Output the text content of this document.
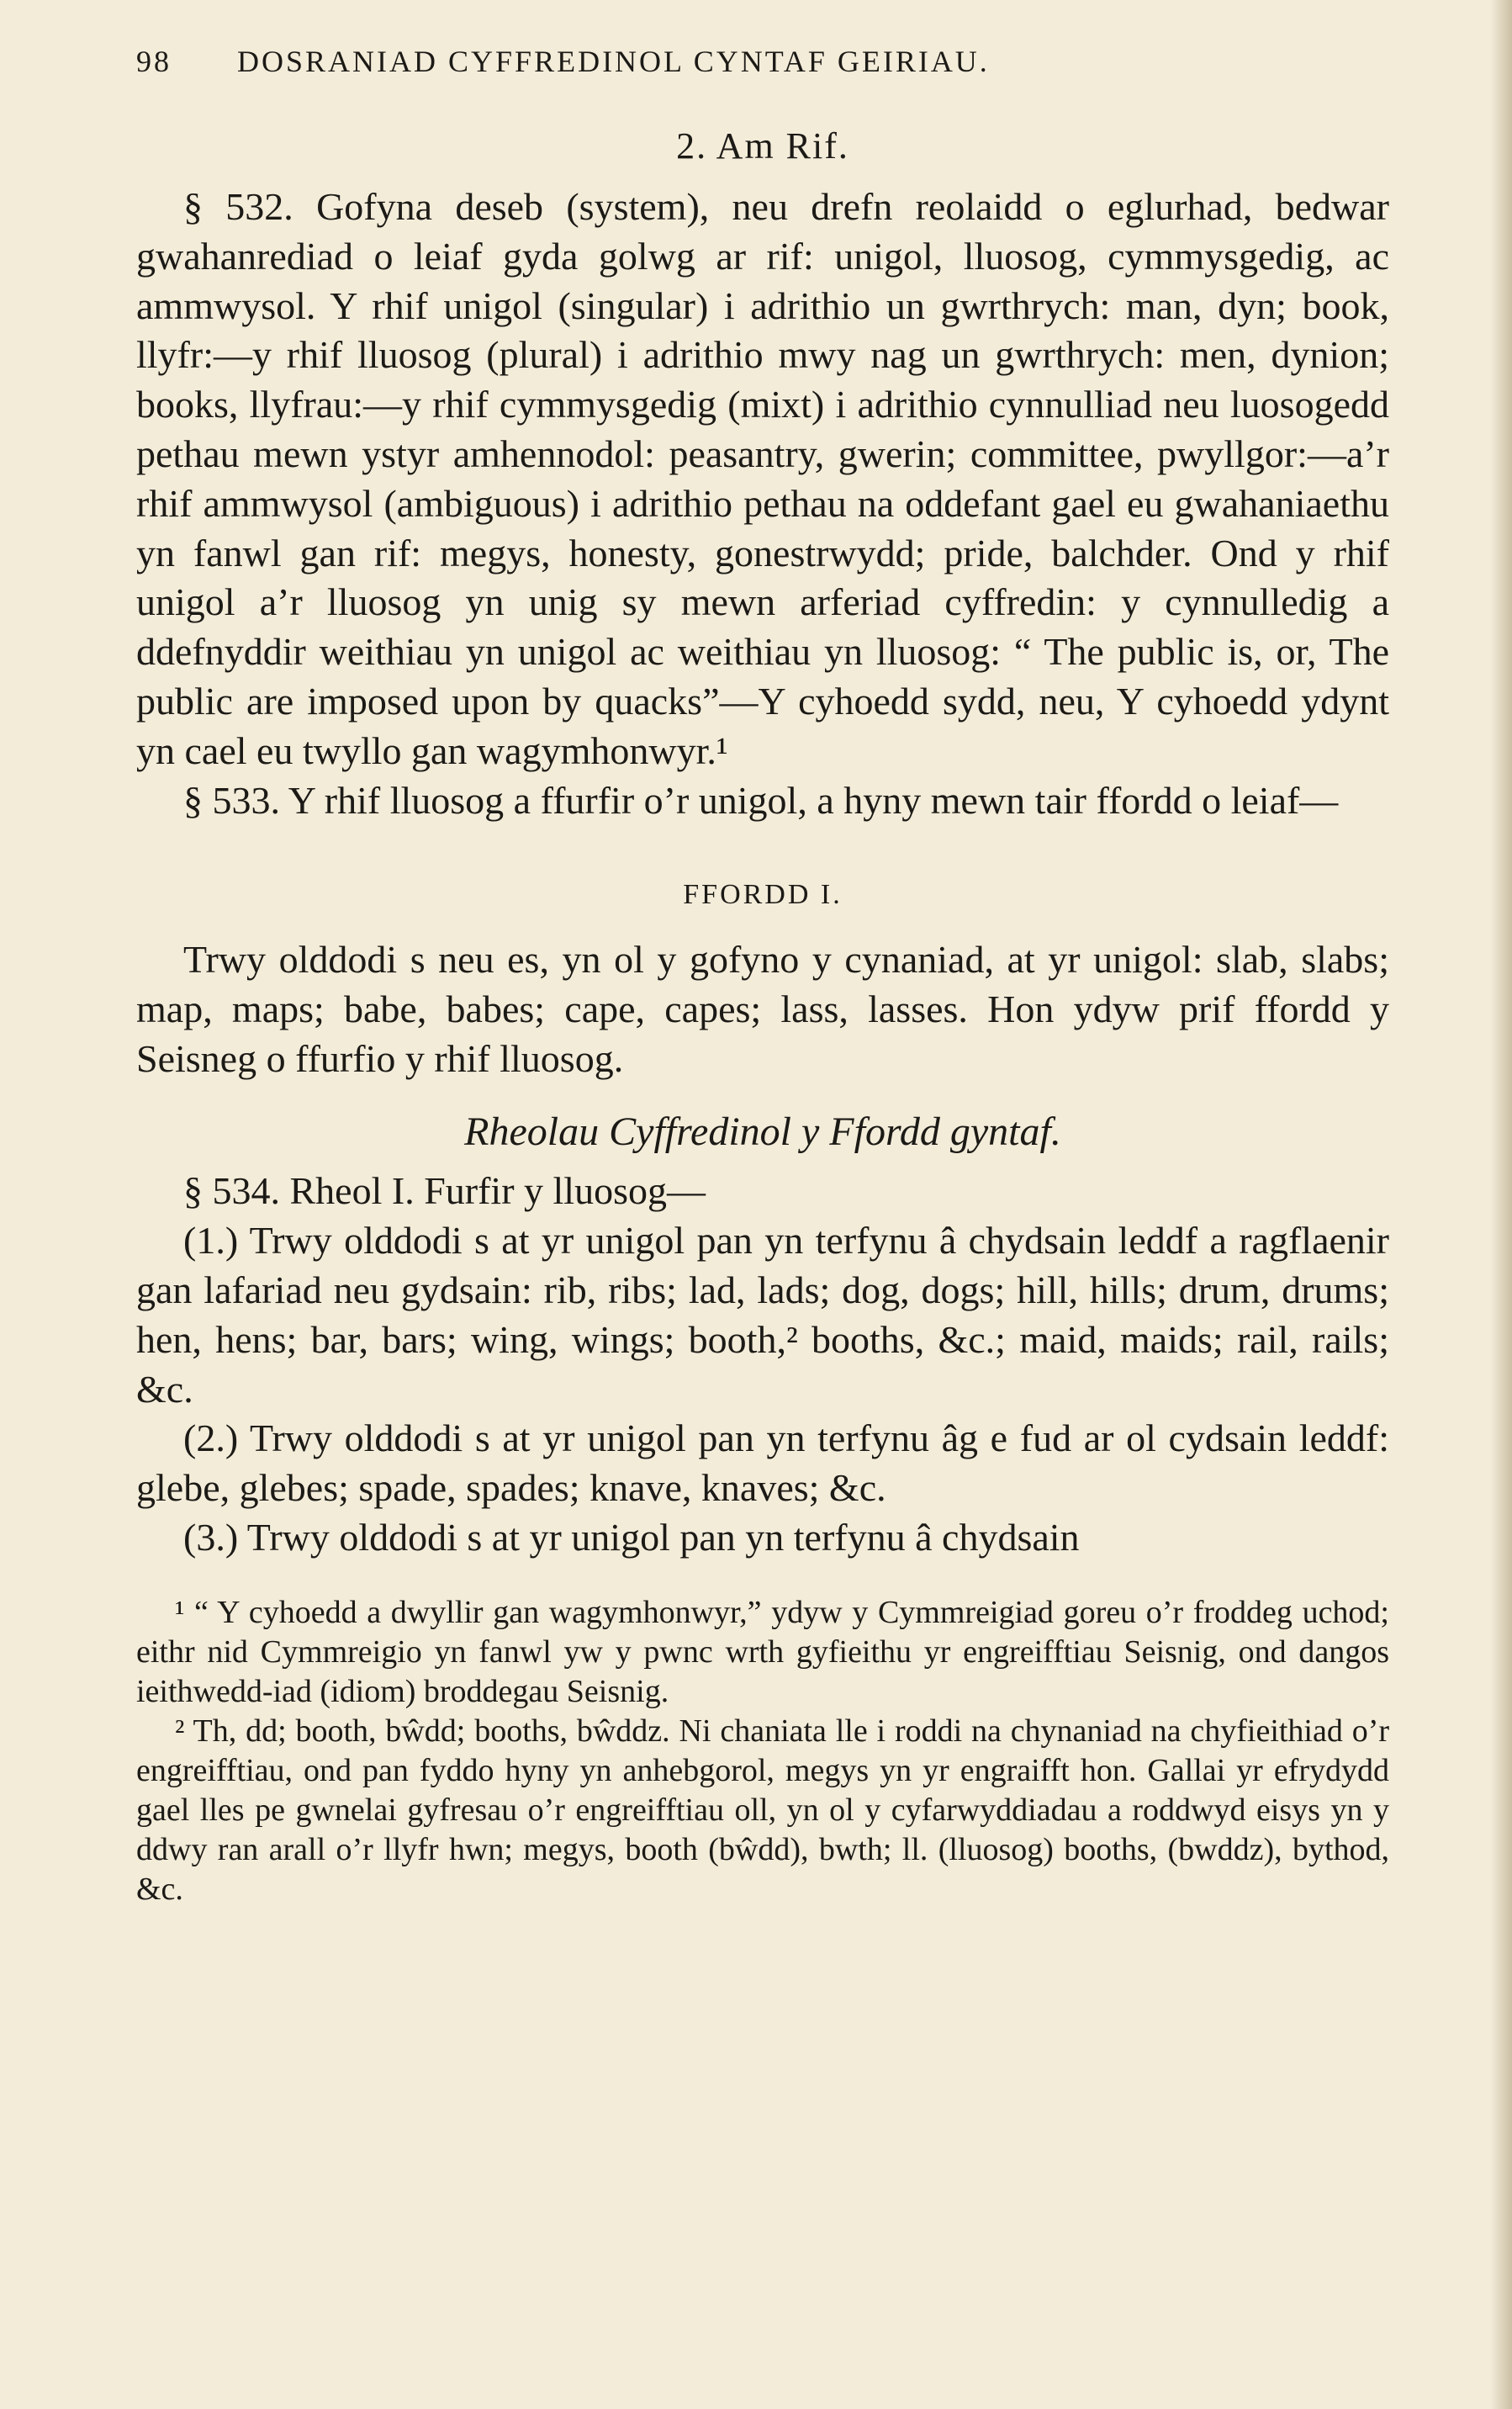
98	DOSRANIAD CYFFREDINOL CYNTAF GEIRIAU.
2. Am Rif.

§ 532. Gofyna deseb (system), neu drefn reolaidd o eglurhad, bedwar gwahanrediad o leiaf gyda golwg ar rif: unigol, lluosog, cymmysgedig, ac ammwysol. Y rhif unigol (singular) i adrithio un gwrthrych: man, dyn; book, llyfr:—y rhif lluosog (plural) i adrithio mwy nag un gwrthrych: men, dynion; books, llyfrau:—y rhif cymmysgedig (mixt) i adrithio cynnulliad neu luosogedd pethau mewn ystyr amhennodol: peasantry, gwerin; committee, pwyllgor:—a’r rhif ammwysol (ambiguous) i adrithio pethau na oddefant gael eu gwahaniaethu yn fanwl gan rif: megys, honesty, gonestrwydd; pride, balchder. Ond y rhif unigol a’r lluosog yn unig sy mewn arferiad cyffredin: y cynnulledig a ddefnyddir weithiau yn unigol ac weithiau yn lluosog: “ The public is, or, The public are imposed upon by quacks”—Y cyhoedd sydd, neu, Y cyhoedd ydynt yn cael eu twyllo gan wagymhonwyr.¹

§ 533. Y rhif lluosog a ffurfir o’r unigol, a hyny mewn tair ffordd o leiaf—

FFORDD I.

Trwy olddodi s neu es, yn ol y gofyno y cynaniad, at yr unigol: slab, slabs; map, maps; babe, babes; cape, capes; lass, lasses. Hon ydyw prif ffordd y Seisneg o ffurfio y rhif lluosog.

Rheolau Cyffredinol y Ffordd gyntaf.

§ 534. Rheol I. Furfir y lluosog—

(1.) Trwy olddodi s at yr unigol pan yn terfynu â chydsain leddf a ragflaenir gan lafariad neu gydsain: rib, ribs; lad, lads; dog, dogs; hill, hills; drum, drums; hen, hens; bar, bars; wing, wings; booth,² booths, &c.; maid, maids; rail, rails; &c.

(2.) Trwy olddodi s at yr unigol pan yn terfynu âg e fud ar ol cydsain leddf: glebe, glebes; spade, spades; knave, knaves; &c.

(3.) Trwy olddodi s at yr unigol pan yn terfynu â chydsain

¹ “ Y cyhoedd a dwyllir gan wagymhonwyr,” ydyw y Cymmreigiad goreu o’r froddeg uchod; eithr nid Cymmreigio yn fanwl yw y pwnc wrth gyfieithu yr engreifftiau Seisnig, ond dangos ieithwedd-iad (idiom) broddegau Seisnig.

² Th, dd; booth, bŵdd; booths, bŵddz. Ni chaniata lle i roddi na chynaniad na chyfieithiad o’r engreifftiau, ond pan fyddo hyny yn anhebgorol, megys yn yr engraifft hon. Gallai yr efrydydd gael lles pe gwnelai gyfresau o’r engreifftiau oll, yn ol y cyfarwyddiadau a roddwyd eisys yn y ddwy ran arall o’r llyfr hwn; megys, booth (bŵdd), bwth; ll. (lluosog) booths, (bwddz), bythod, &c.
